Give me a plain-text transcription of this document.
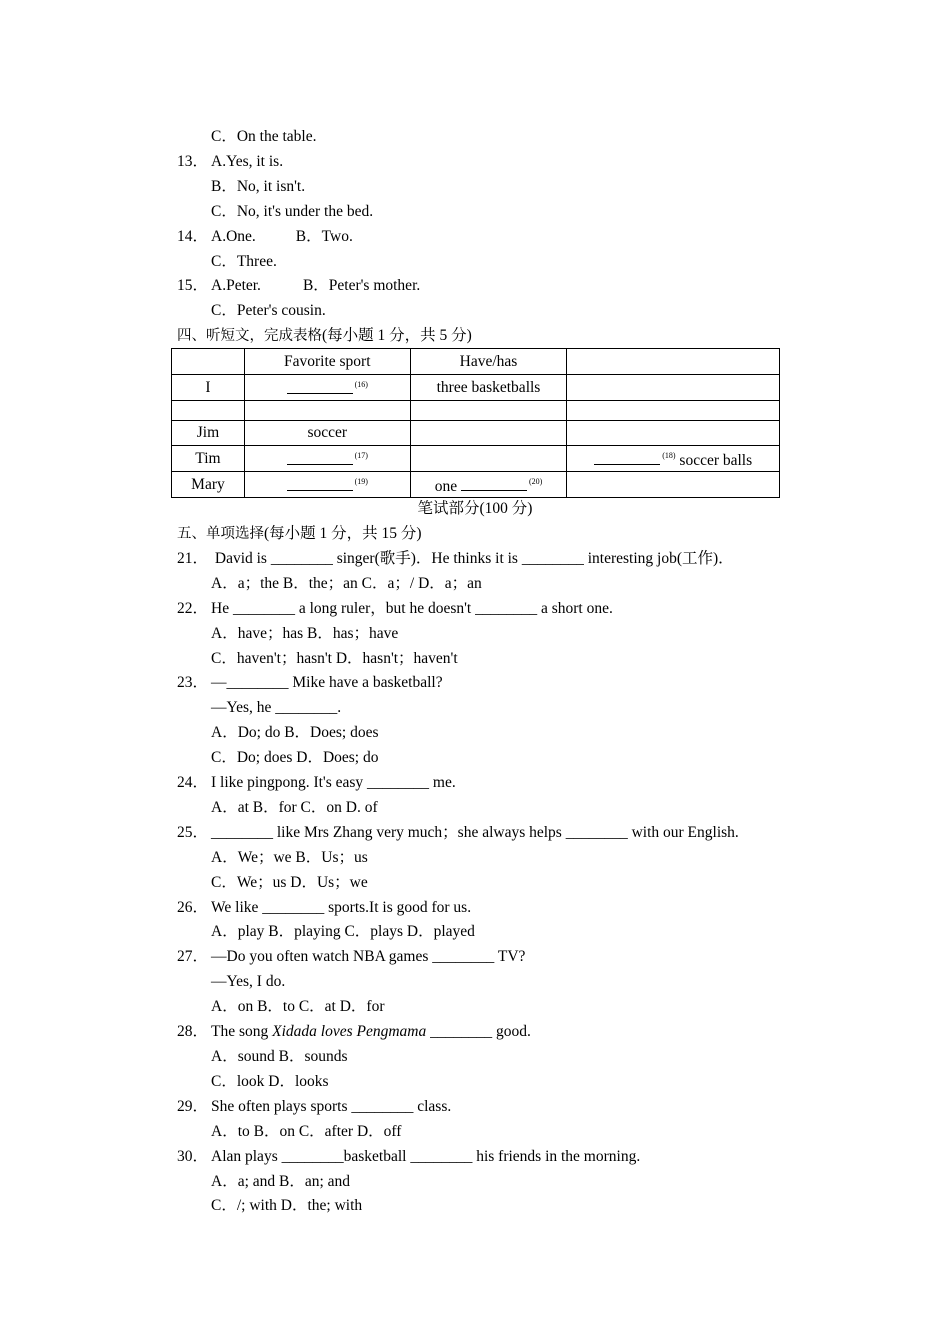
C．On the table.
13． A.Yes, it is.
B．No, it isn't.
C．No, it's under the bed.
14． A.One.	B．Two.
C．Three.
15． A.Peter.	B．Peter's mother.
C．Peter's cousin.
四、听短文，完成表格(每小题 1 分，共 5 分)
	Favorite sport	Have/has	
I	$^{(16)}$	three basketballs	

Jim	soccer		
Tim	$^{(17)}$		$^{(18)}$ soccer balls
Mary	$^{(19)}$	one $^{(20)}$	
笔试部分(100 分)
五、单项选择(每小题 1 分，共 15 分)
21． David is ________ singer(歌手)．He thinks it is ________ interesting job(工作)．
A．a；the B．the；an C．a；/ D．a；an
22． He ________ a long ruler，but he doesn't ________ a short one.
A．have；has B．has；have
C．haven't；hasn't D．hasn't；haven't
23． —________ Mike have a basketball?
—Yes, he ________.
A．Do; do B．Does; does
C．Do; does D．Does; do
24． I like pingpong. It's easy ________ me.
A．at B．for C．on D. of
25． ________ like Mrs Zhang very much；she always helps ________ with our English.
A．We；we B．Us；us
C．We；us D．Us；we
26． We like ________ sports.It is good for us.
A．play B．playing C．plays D．played
27． —Do you often watch NBA games ________ TV?
—Yes, I do.
A．on B．to C．at D．for
28． The song Xidada loves Pengmama ________ good.
A．sound B．sounds
C．look D．looks
29． She often plays sports ________ class.
A．to B．on C．after D．off
30． Alan plays ________basketball ________ his friends in the morning.
A．a; and B．an; and
C．/; with D．the; with
